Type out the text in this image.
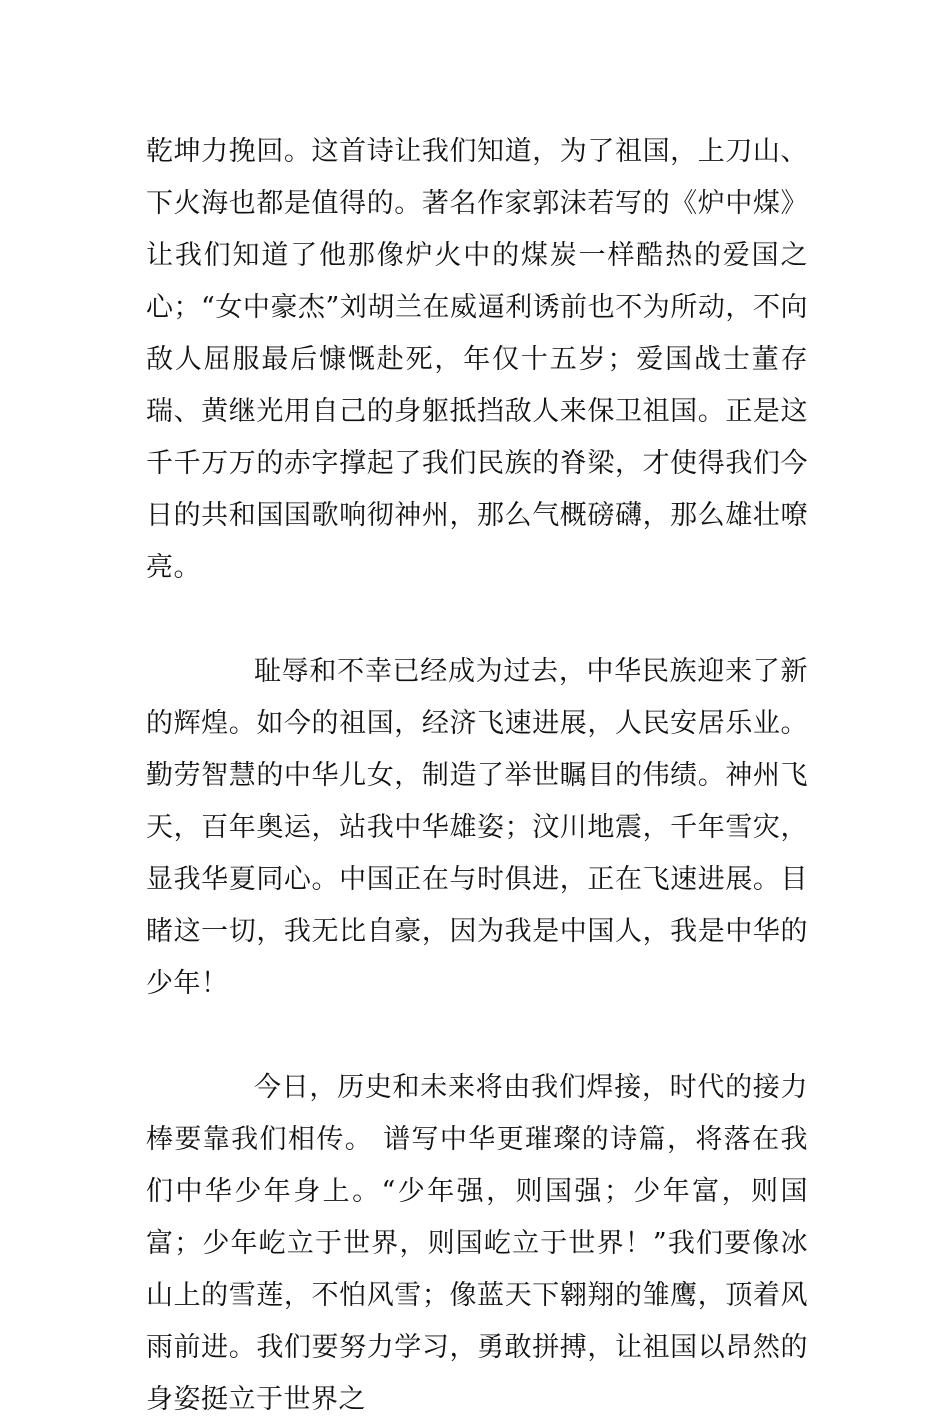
乾坤力挽回。这首诗让我们知道，为了祖国，上刀山、下火海也都是值得的。著名作家郭沫若写的《炉中煤》让我们知道了他那像炉火中的煤炭一样酷热的爱国之心；“女中豪杰”刘胡兰在威逼利诱前也不为所动，不向敌人屈服最后慷慨赴死，年仅十五岁；爱国战士董存瑞、黄继光用自己的身躯抵挡敌人来保卫祖国。正是这千千万万的赤字撑起了我们民族的脊梁，才使得我们今日的共和国国歌响彻神州，那么气概磅礴，那么雄壮嘹亮。

耻辱和不幸已经成为过去，中华民族迎来了新的辉煌。如今的祖国，经济飞速进展，人民安居乐业。勤劳智慧的中华儿女，制造了举世瞩目的伟绩。神州飞天，百年奥运，站我中华雄姿；汶川地震，千年雪灾，显我华夏同心。中国正在与时俱进，正在飞速进展。目睹这一切，我无比自豪，因为我是中国人，我是中华的少年！

今日，历史和未来将由我们焊接，时代的接力棒要靠我们相传。 谱写中华更璀璨的诗篇，将落在我们中华少年身上。“少年强，则国强；少年富，则国富；少年屹立于世界，则国屹立于世界！”我们要像冰山上的雪莲，不怕风雪；像蓝天下翱翔的雏鹰，顶着风雨前进。我们要努力学习，勇敢拼搏，让祖国以昂然的身姿挺立于世界之
